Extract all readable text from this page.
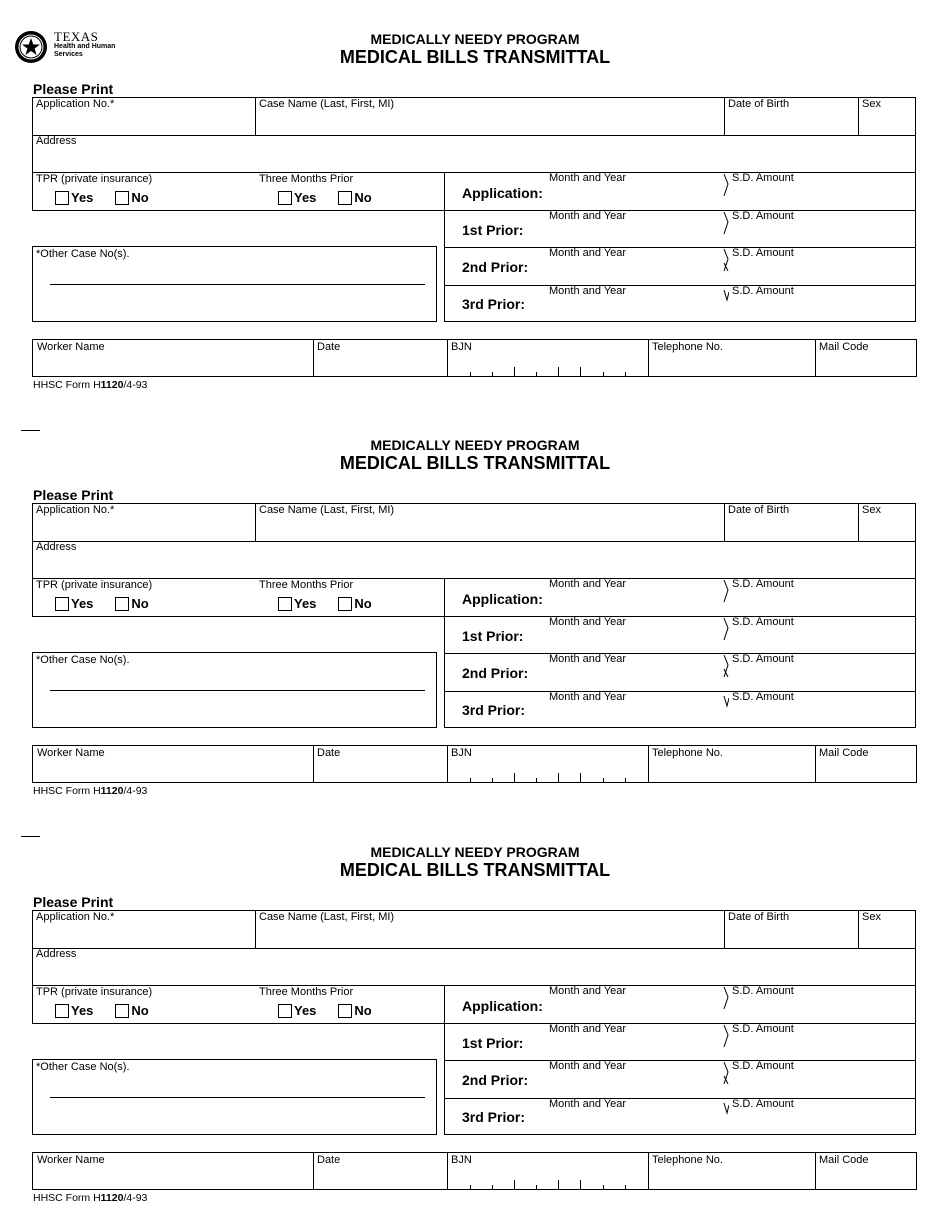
TEXAS
Health and Human
Services
MEDICALLY NEEDY PROGRAM
MEDICAL BILLS TRANSMITTAL
Please Print
Application No.*	Case Name (Last, First, MI)	Date of Birth	Sex
Address
TPR (private insurance)
Yes	No
Three Months Prior
Yes	No
Month and Year	S.D. Amount
Application:
Month and Year	S.D. Amount
1st Prior:
Month and Year	S.D. Amount
2nd Prior:
Month and Year	S.D. Amount
3rd Prior:
*Other Case No(s).
Worker Name	Date	BJN	Telephone No.	Mail Code
HHSC Form H1120/4-93
MEDICALLY NEEDY PROGRAM
MEDICAL BILLS TRANSMITTAL
Please Print
Application No.*	Case Name (Last, First, MI)	Date of Birth	Sex
Address
TPR (private insurance)
Yes	No
Three Months Prior
Yes	No
Month and Year	S.D. Amount
Application:
Month and Year	S.D. Amount
1st Prior:
Month and Year	S.D. Amount
2nd Prior:
Month and Year	S.D. Amount
3rd Prior:
*Other Case No(s).
Worker Name	Date	BJN	Telephone No.	Mail Code
HHSC Form H1120/4-93
MEDICALLY NEEDY PROGRAM
MEDICAL BILLS TRANSMITTAL
Please Print
Application No.*	Case Name (Last, First, MI)	Date of Birth	Sex
Address
TPR (private insurance)
Yes	No
Three Months Prior
Yes	No
Month and Year	S.D. Amount
Application:
Month and Year	S.D. Amount
1st Prior:
Month and Year	S.D. Amount
2nd Prior:
Month and Year	S.D. Amount
3rd Prior:
*Other Case No(s).
Worker Name	Date	BJN	Telephone No.	Mail Code
HHSC Form H1120/4-93
